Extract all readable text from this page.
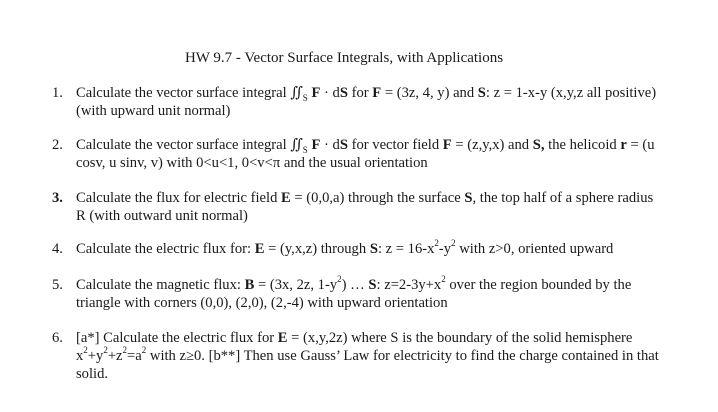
HW 9.7 - Vector Surface Integrals, with Applications
1. Calculate the vector surface integral $∬_S$ F · dS for F = (3z, 4, y) and S: z = 1-x-y (x,y,z all positive) (with upward unit normal)
2. Calculate the vector surface integral $∬_S$ F · dS for vector field F = (z,y,x) and S, the helicoid r = (u cosv, u sinv, v) with 0<u<1, 0<v<π and the usual orientation
3. Calculate the flux for electric field E = (0,0,a) through the surface S, the top half of a sphere radius R (with outward unit normal)
4. Calculate the electric flux for: E = (y,x,z) through S: $z = 16-x^2-y^2$ with z>0, oriented upward
5. Calculate the magnetic flux: B = (3x, 2z, $1-y^2$) … S: $z=2-3y+x^2$ over the region bounded by the triangle with corners (0,0), (2,0), (2,-4) with upward orientation
6. [a*] Calculate the electric flux for E = (x,y,2z) where S is the boundary of the solid hemisphere $x^2+y^2+z^2=a^2$ with z≥0. [b**] Then use Gauss’ Law for electricity to find the charge contained in that solid.
